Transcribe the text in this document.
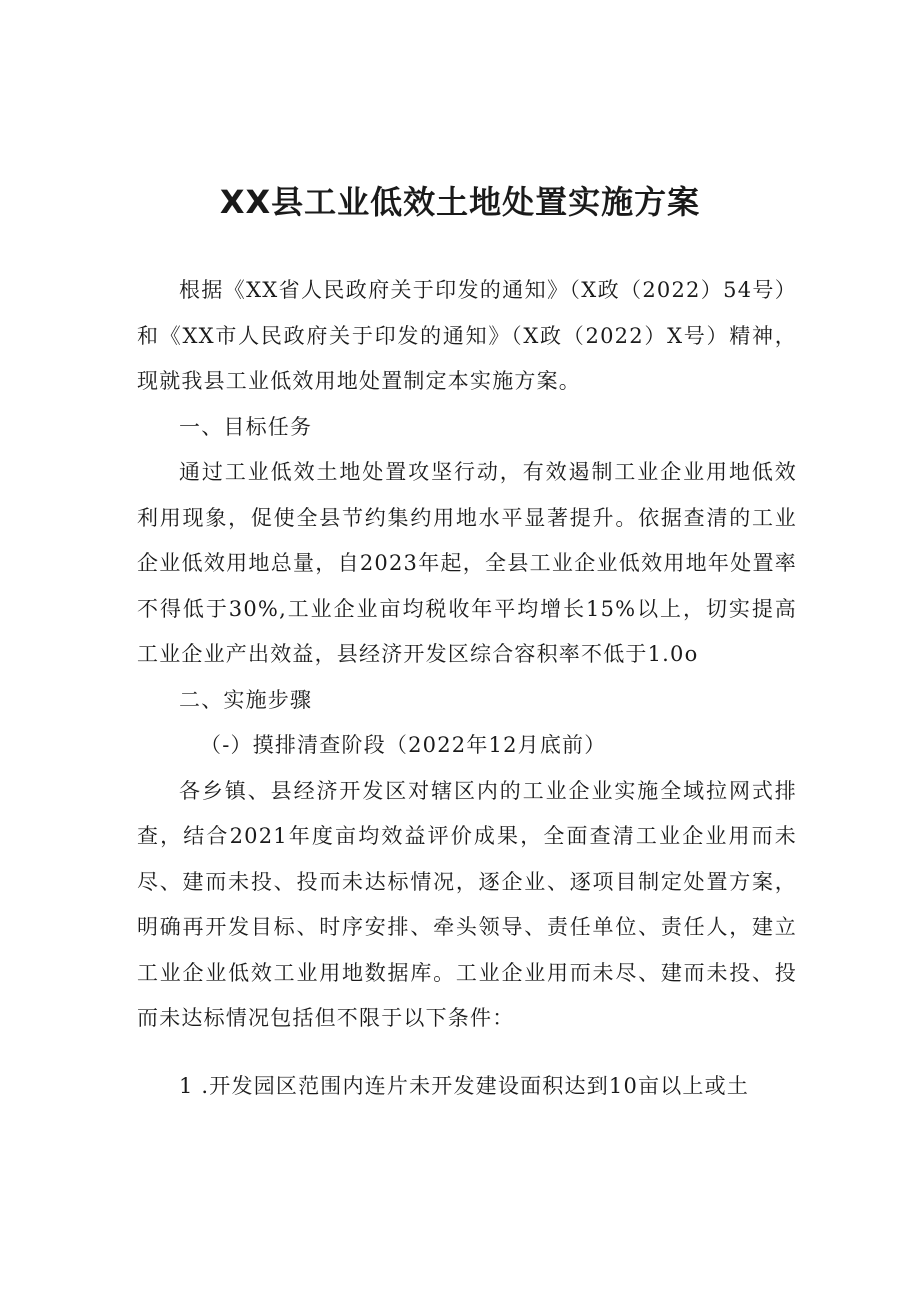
XX县工业低效土地处置实施方案

根据《XX省人民政府关于印发的通知》（X政（2022）54号）和《XX市人民政府关于印发的通知》（X政（2022）X号）精神，现就我县工业低效用地处置制定本实施方案。

一、目标任务

通过工业低效土地处置攻坚行动，有效遏制工业企业用地低效利用现象，促使全县节约集约用地水平显著提升。依据查清的工业企业低效用地总量，自2023年起，全县工业企业低效用地年处置率不得低于30%,工业企业亩均税收年平均增长15%以上，切实提高工业企业产出效益，县经济开发区综合容积率不低于1.0o

二、实施步骤

（-）摸排清查阶段（2022年12月底前）

各乡镇、县经济开发区对辖区内的工业企业实施全域拉网式排查，结合2021年度亩均效益评价成果，全面查清工业企业用而未尽、建而未投、投而未达标情况，逐企业、逐项目制定处置方案，明确再开发目标、时序安排、牵头领导、责任单位、责任人，建立工业企业低效工业用地数据库。工业企业用而未尽、建而未投、投而未达标情况包括但不限于以下条件：

1 .开发园区范围内连片未开发建设面积达到10亩以上或土
